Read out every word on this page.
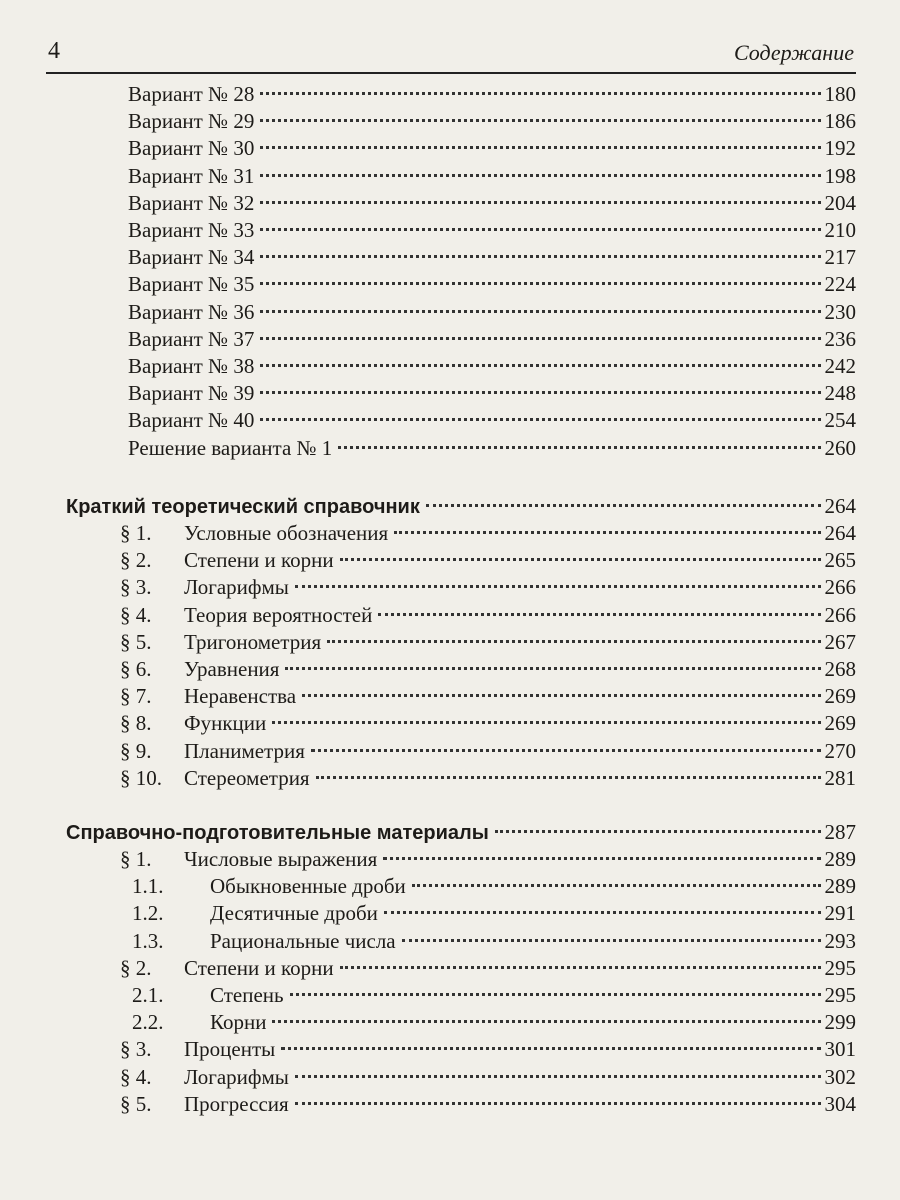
4	Содержание
Вариант № 28	180
Вариант № 29	186
Вариант № 30	192
Вариант № 31	198
Вариант № 32	204
Вариант № 33	210
Вариант № 34	217
Вариант № 35	224
Вариант № 36	230
Вариант № 37	236
Вариант № 38	242
Вариант № 39	248
Вариант № 40	254
Решение варианта № 1	260
Краткий теоретический справочник	264
§ 1.	Условные обозначения	264
§ 2.	Степени и корни	265
§ 3.	Логарифмы	266
§ 4.	Теория вероятностей	266
§ 5.	Тригонометрия	267
§ 6.	Уравнения	268
§ 7.	Неравенства	269
§ 8.	Функции	269
§ 9.	Планиметрия	270
§ 10.	Стереометрия	281
Справочно-подготовительные материалы	287
§ 1.	Числовые выражения	289
1.1.	Обыкновенные дроби	289
1.2.	Десятичные дроби	291
1.3.	Рациональные числа	293
§ 2.	Степени и корни	295
2.1.	Степень	295
2.2.	Корни	299
§ 3.	Проценты	301
§ 4.	Логарифмы	302
§ 5.	Прогрессия	304
